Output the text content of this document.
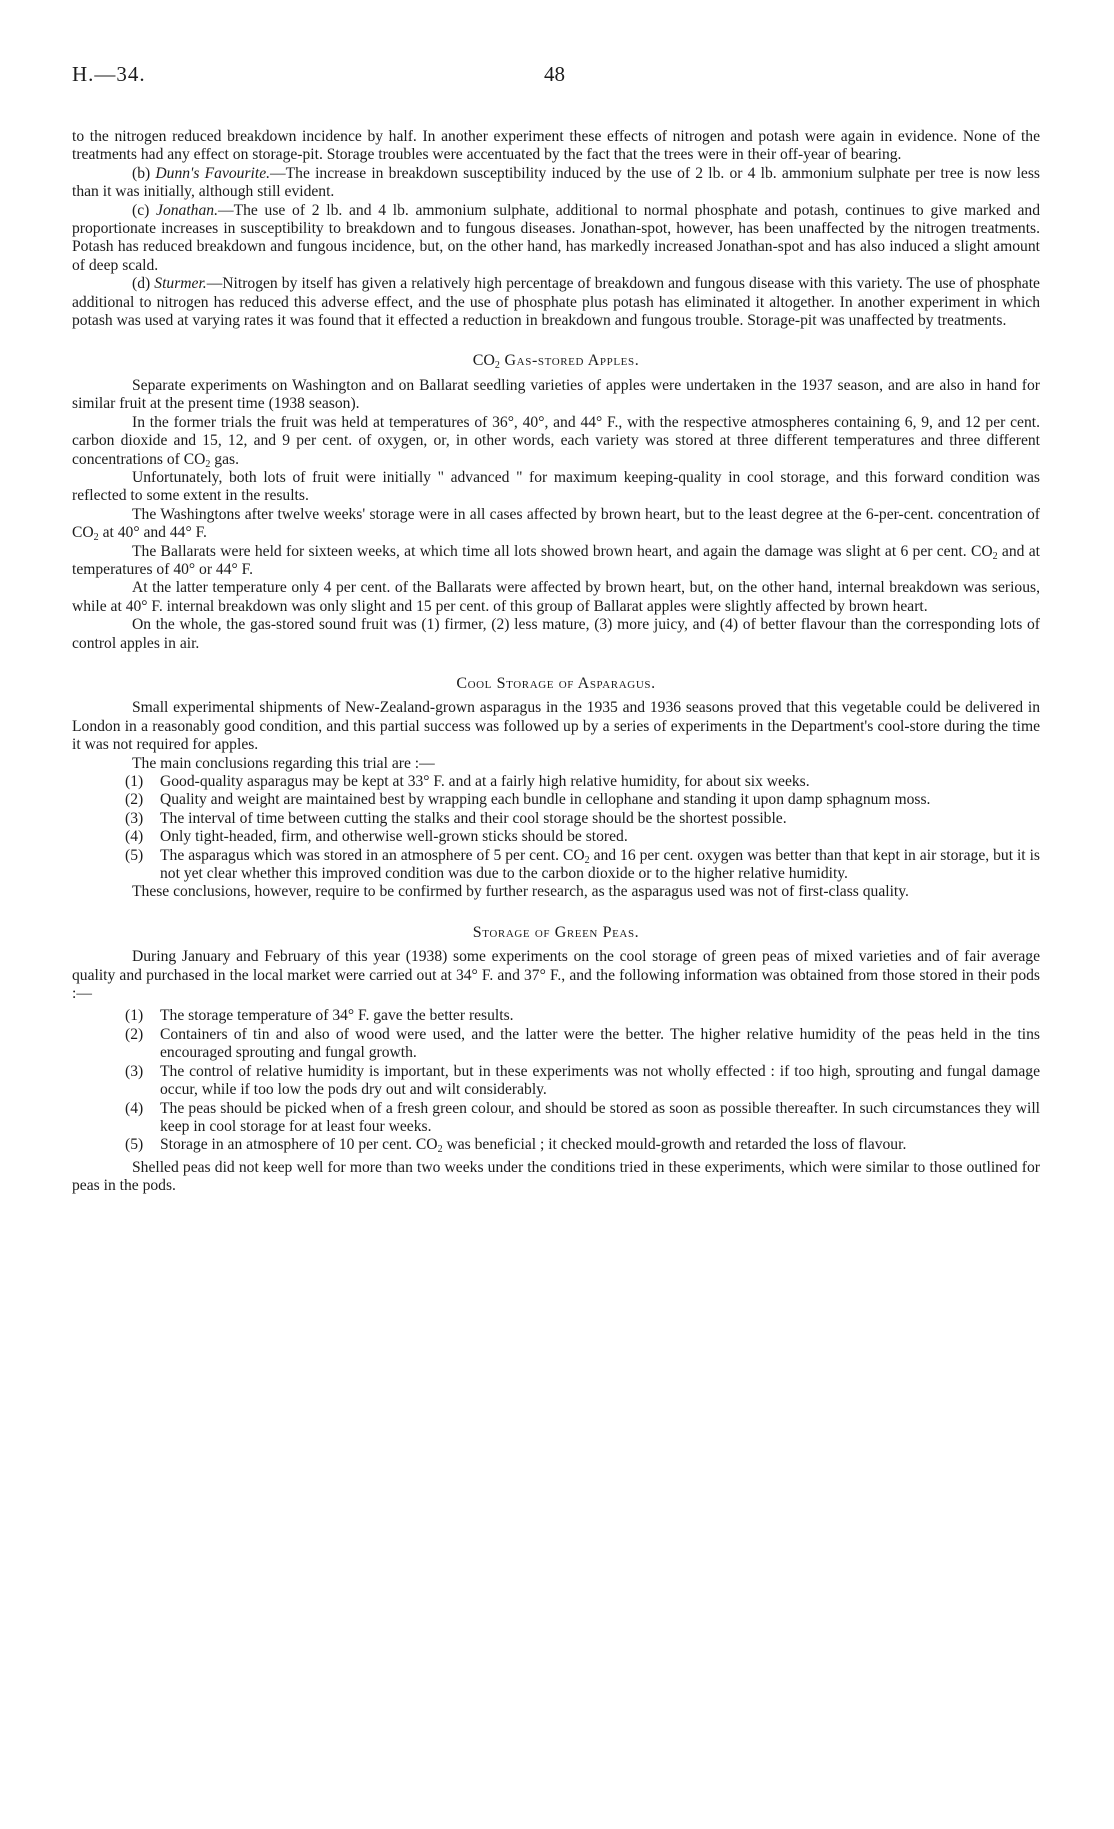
H.—34.	48

to the nitrogen reduced breakdown incidence by half. In another experiment these effects of nitrogen and potash were again in evidence. None of the treatments had any effect on storage-pit. Storage troubles were accentuated by the fact that the trees were in their off-year of bearing.

(b) Dunn's Favourite.—The increase in breakdown susceptibility induced by the use of 2 lb. or 4 lb. ammonium sulphate per tree is now less than it was initially, although still evident.

(c) Jonathan.—The use of 2 lb. and 4 lb. ammonium sulphate, additional to normal phosphate and potash, continues to give marked and proportionate increases in susceptibility to breakdown and to fungous diseases. Jonathan-spot, however, has been unaffected by the nitrogen treatments. Potash has reduced breakdown and fungous incidence, but, on the other hand, has markedly increased Jonathan-spot and has also induced a slight amount of deep scald.

(d) Sturmer.—Nitrogen by itself has given a relatively high percentage of breakdown and fungous disease with this variety. The use of phosphate additional to nitrogen has reduced this adverse effect, and the use of phosphate plus potash has eliminated it altogether. In another experiment in which potash was used at varying rates it was found that it effected a reduction in breakdown and fungous trouble. Storage-pit was unaffected by treatments.

$CO_2$ Gas-stored Apples.

Separate experiments on Washington and on Ballarat seedling varieties of apples were undertaken in the 1937 season, and are also in hand for similar fruit at the present time (1938 season).

In the former trials the fruit was held at temperatures of 36°, 40°, and 44° F., with the respective atmospheres containing 6, 9, and 12 per cent. carbon dioxide and 15, 12, and 9 per cent. of oxygen, or, in other words, each variety was stored at three different temperatures and three different concentrations of $CO_2$ gas.

Unfortunately, both lots of fruit were initially " advanced " for maximum keeping-quality in cool storage, and this forward condition was reflected to some extent in the results.

The Washingtons after twelve weeks' storage were in all cases affected by brown heart, but to the least degree at the 6-per-cent. concentration of $CO_2$ at 40° and 44° F.

The Ballarats were held for sixteen weeks, at which time all lots showed brown heart, and again the damage was slight at 6 per cent. $CO_2$ and at temperatures of 40° or 44° F.

At the latter temperature only 4 per cent. of the Ballarats were affected by brown heart, but, on the other hand, internal breakdown was serious, while at 40° F. internal breakdown was only slight and 15 per cent. of this group of Ballarat apples were slightly affected by brown heart.

On the whole, the gas-stored sound fruit was (1) firmer, (2) less mature, (3) more juicy, and (4) of better flavour than the corresponding lots of control apples in air.

Cool Storage of Asparagus.

Small experimental shipments of New-Zealand-grown asparagus in the 1935 and 1936 seasons proved that this vegetable could be delivered in London in a reasonably good condition, and this partial success was followed up by a series of experiments in the Department's cool-store during the time it was not required for apples.

The main conclusions regarding this trial are :—

(1) Good-quality asparagus may be kept at 33° F. and at a fairly high relative humidity, for about six weeks.
(2) Quality and weight are maintained best by wrapping each bundle in cellophane and standing it upon damp sphagnum moss.
(3) The interval of time between cutting the stalks and their cool storage should be the shortest possible.
(4) Only tight-headed, firm, and otherwise well-grown sticks should be stored.
(5) The asparagus which was stored in an atmosphere of 5 per cent. $CO_2$ and 16 per cent. oxygen was better than that kept in air storage, but it is not yet clear whether this improved condition was due to the carbon dioxide or to the higher relative humidity.

These conclusions, however, require to be confirmed by further research, as the asparagus used was not of first-class quality.

Storage of Green Peas.

During January and February of this year (1938) some experiments on the cool storage of green peas of mixed varieties and of fair average quality and purchased in the local market were carried out at 34° F. and 37° F., and the following information was obtained from those stored in their pods :—

(1) The storage temperature of 34° F. gave the better results.
(2) Containers of tin and also of wood were used, and the latter were the better. The higher relative humidity of the peas held in the tins encouraged sprouting and fungal growth.
(3) The control of relative humidity is important, but in these experiments was not wholly effected : if too high, sprouting and fungal damage occur, while if too low the pods dry out and wilt considerably.
(4) The peas should be picked when of a fresh green colour, and should be stored as soon as possible thereafter. In such circumstances they will keep in cool storage for at least four weeks.
(5) Storage in an atmosphere of 10 per cent. $CO_2$ was beneficial ; it checked mould-growth and retarded the loss of flavour.

Shelled peas did not keep well for more than two weeks under the conditions tried in these experiments, which were similar to those outlined for peas in the pods.
